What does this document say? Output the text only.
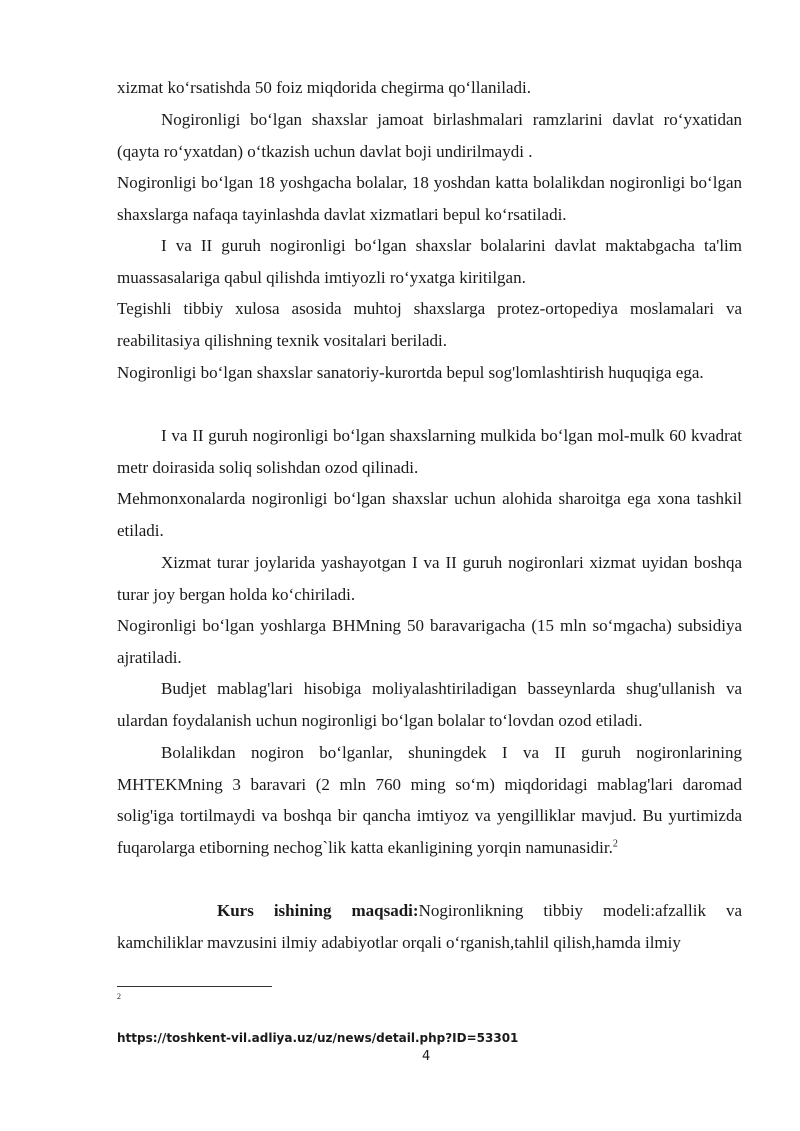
xizmat ko‘rsatishda 50 foiz miqdorida chegirma qo‘llaniladi.

Nogironligi bo‘lgan shaxslar jamoat birlashmalari ramzlarini davlat ro‘yxatidan (qayta ro‘yxatdan) o‘tkazish uchun davlat boji undirilmaydi .

Nogironligi bo‘lgan 18 yoshgacha bolalar, 18 yoshdan katta bolalikdan nogironligi bo‘lgan shaxslarga nafaqa tayinlashda davlat xizmatlari bepul ko‘rsatiladi.

I va II guruh nogironligi bo‘lgan shaxslar bolalarini davlat maktabgacha ta'lim muassasalariga qabul qilishda imtiyozli ro‘yxatga kiritilgan.

Tegishli tibbiy xulosa asosida muhtoj shaxslarga protez-ortopediya moslamalari va reabilitasiya qilishning texnik vositalari beriladi.

Nogironligi bo‘lgan shaxslar sanatoriy-kurortda bepul sog'lomlashtirish huquqiga ega.

I va II guruh nogironligi bo‘lgan shaxslarning mulkida bo‘lgan mol-mulk 60 kvadrat metr doirasida soliq solishdan ozod qilinadi.

Mehmonxonalarda nogironligi bo‘lgan shaxslar uchun alohida sharoitga ega xona tashkil etiladi.

Xizmat turar joylarida yashayotgan I va II guruh nogironlari xizmat uyidan boshqa turar joy bergan holda ko‘chiriladi.

Nogironligi bo‘lgan yoshlarga BHMning 50 baravarigacha (15 mln so‘mgacha) subsidiya ajratiladi.

Budjet mablag'lari hisobiga moliyalashtiriladigan basseynlarda shug'ullanish va ulardan foydalanish uchun nogironligi bo‘lgan bolalar to‘lovdan ozod etiladi.

Bolalikdan nogiron bo‘lganlar, shuningdek I va II guruh nogironlarining MHTEKMning 3 baravari (2 mln 760 ming so‘m) miqdoridagi mablag'lari daromad solig'iga tortilmaydi va boshqa bir qancha imtiyoz va yengilliklar mavjud. Bu yurtimizda fuqarolarga etiborning nechog`lik katta ekanligining yorqin namunasidir.$^2$

Kurs ishining maqsadi:Nogironlikning tibbiy modeli:afzallik va kamchiliklar mavzusini ilmiy adabiyotlar orqali o‘rganish,tahlil qilish,hamda ilmiy

2
https://toshkent-vil.adliya.uz/uz/news/detail.php?ID=53301
4
